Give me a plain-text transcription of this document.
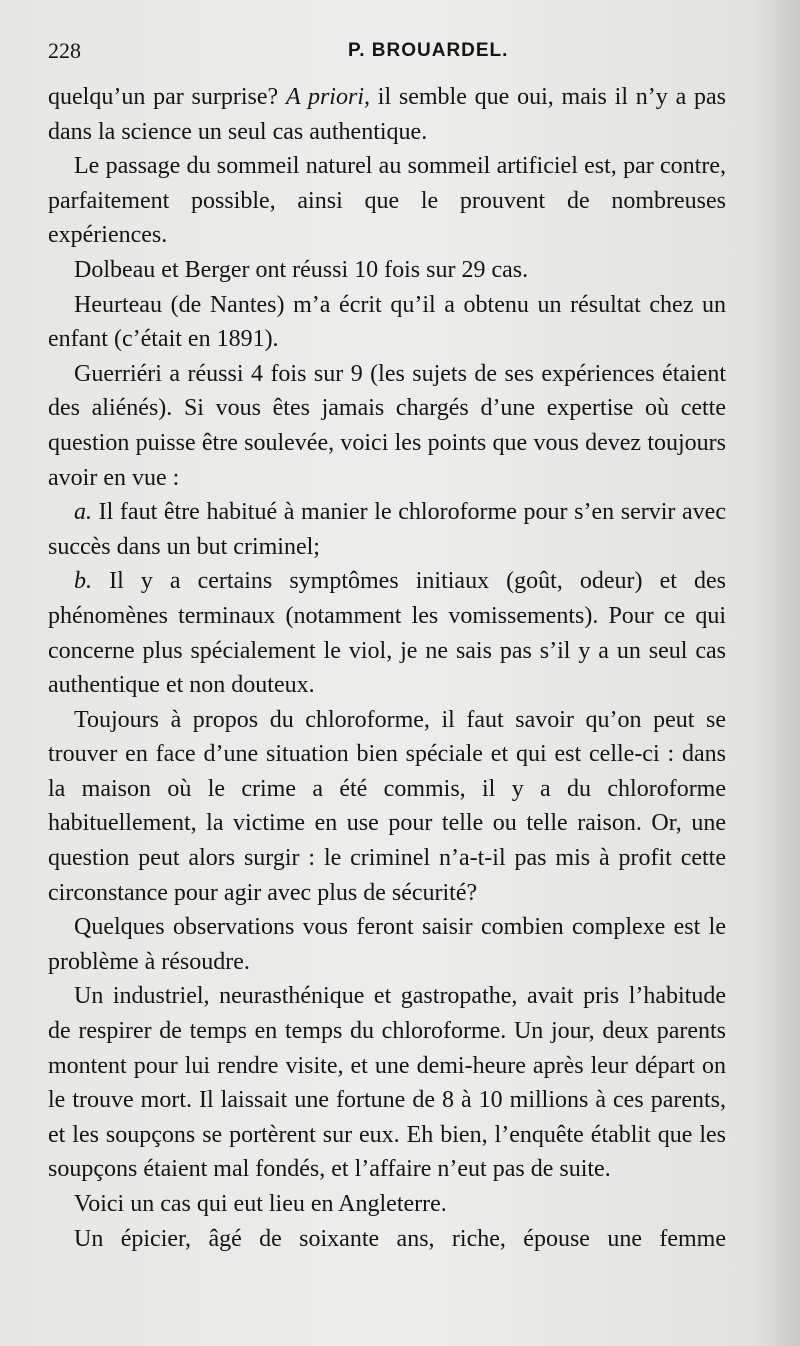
228	P. BROUARDEL.

quelqu’un par surprise? A priori, il semble que oui, mais il n’y a pas dans la science un seul cas authentique.

Le passage du sommeil naturel au sommeil artificiel est, par contre, parfaitement possible, ainsi que le prouvent de nombreuses expériences.

Dolbeau et Berger ont réussi 10 fois sur 29 cas.

Heurteau (de Nantes) m’a écrit qu’il a obtenu un résultat chez un enfant (c’était en 1891).

Guerriéri a réussi 4 fois sur 9 (les sujets de ses expériences étaient des aliénés). Si vous êtes jamais chargés d’une expertise où cette question puisse être soulevée, voici les points que vous devez toujours avoir en vue :

a. Il faut être habitué à manier le chloroforme pour s’en servir avec succès dans un but criminel;

b. Il y a certains symptômes initiaux (goût, odeur) et des phénomènes terminaux (notamment les vomissements). Pour ce qui concerne plus spécialement le viol, je ne sais pas s’il y a un seul cas authentique et non douteux.

Toujours à propos du chloroforme, il faut savoir qu’on peut se trouver en face d’une situation bien spéciale et qui est celle-ci : dans la maison où le crime a été commis, il y a du chloroforme habituellement, la victime en use pour telle ou telle raison. Or, une question peut alors surgir : le criminel n’a-t-il pas mis à profit cette circonstance pour agir avec plus de sécurité?

Quelques observations vous feront saisir combien complexe est le problème à résoudre.

Un industriel, neurasthénique et gastropathe, avait pris l’habitude de respirer de temps en temps du chloroforme. Un jour, deux parents montent pour lui rendre visite, et une demi-heure après leur départ on le trouve mort. Il laissait une fortune de 8 à 10 millions à ces parents, et les soupçons se portèrent sur eux. Eh bien, l’enquête établit que les soupçons étaient mal fondés, et l’affaire n’eut pas de suite.

Voici un cas qui eut lieu en Angleterre.

Un épicier, âgé de soixante ans, riche, épouse une femme
